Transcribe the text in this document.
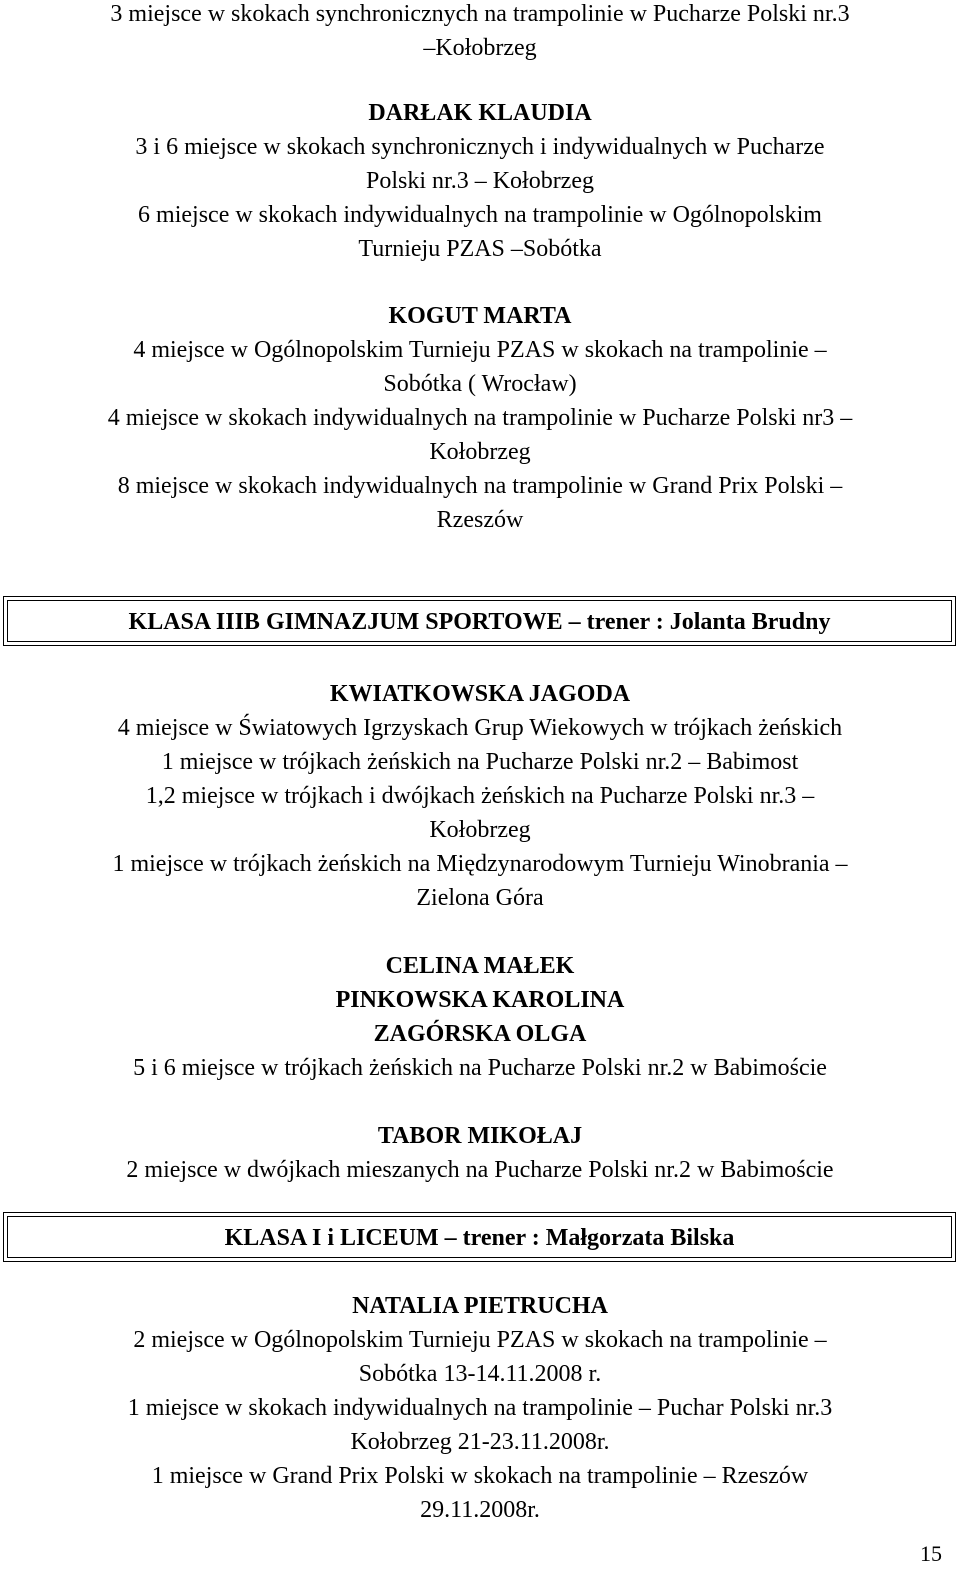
3 miejsce w skokach synchronicznych na trampolinie w Pucharze Polski nr.3
–Kołobrzeg
DARŁAK KLAUDIA
3 i 6 miejsce w skokach synchronicznych i indywidualnych w Pucharze
Polski nr.3 – Kołobrzeg
6 miejsce w skokach indywidualnych na trampolinie w Ogólnopolskim
Turnieju PZAS –Sobótka
KOGUT MARTA
4 miejsce w Ogólnopolskim Turnieju PZAS w skokach na trampolinie –
Sobótka ( Wrocław)
4 miejsce w skokach indywidualnych na trampolinie w Pucharze Polski nr3 –
Kołobrzeg
8 miejsce w skokach indywidualnych na trampolinie w Grand Prix Polski –
Rzeszów
KLASA IIIB GIMNAZJUM SPORTOWE – trener : Jolanta Brudny
KWIATKOWSKA JAGODA
4 miejsce w Światowych Igrzyskach Grup Wiekowych w trójkach żeńskich
1 miejsce w trójkach żeńskich na Pucharze Polski nr.2 – Babimost
1,2 miejsce w trójkach i dwójkach żeńskich na Pucharze Polski nr.3 –
Kołobrzeg
1 miejsce w trójkach żeńskich na Międzynarodowym Turnieju Winobrania –
Zielona Góra
CELINA MAŁEK
PINKOWSKA KAROLINA
ZAGÓRSKA OLGA
5 i 6 miejsce w trójkach żeńskich na Pucharze Polski nr.2 w Babimoście
TABOR MIKOŁAJ
2 miejsce w dwójkach mieszanych na Pucharze Polski nr.2 w Babimoście
KLASA I i LICEUM – trener : Małgorzata Bilska
NATALIA PIETRUCHA
2 miejsce w Ogólnopolskim Turnieju PZAS w skokach na trampolinie –
Sobótka 13-14.11.2008 r.
1 miejsce w skokach indywidualnych na trampolinie – Puchar Polski nr.3
Kołobrzeg 21-23.11.2008r.
1 miejsce w Grand Prix Polski w skokach na trampolinie – Rzeszów
29.11.2008r.
15
